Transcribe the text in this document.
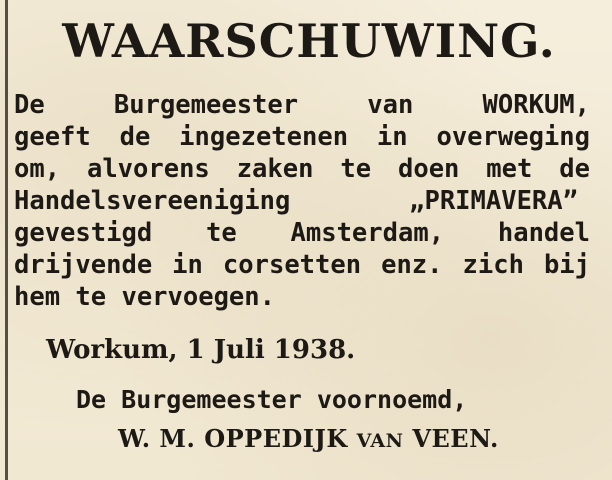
WAARSCHUWING.
De Burgemeester van WORKUM,
geeft de ingezetenen in overweging
om, alvorens zaken te doen met de
Handelsvereeniging „PRIMAVERA”
gevestigd te Amsterdam, handel
drijvende in corsetten enz. zich bij
hem te vervoegen.
Workum, 1 Juli 1938.
De Burgemeester voornoemd,
W. M. OPPEDIJK VAN VEEN.
